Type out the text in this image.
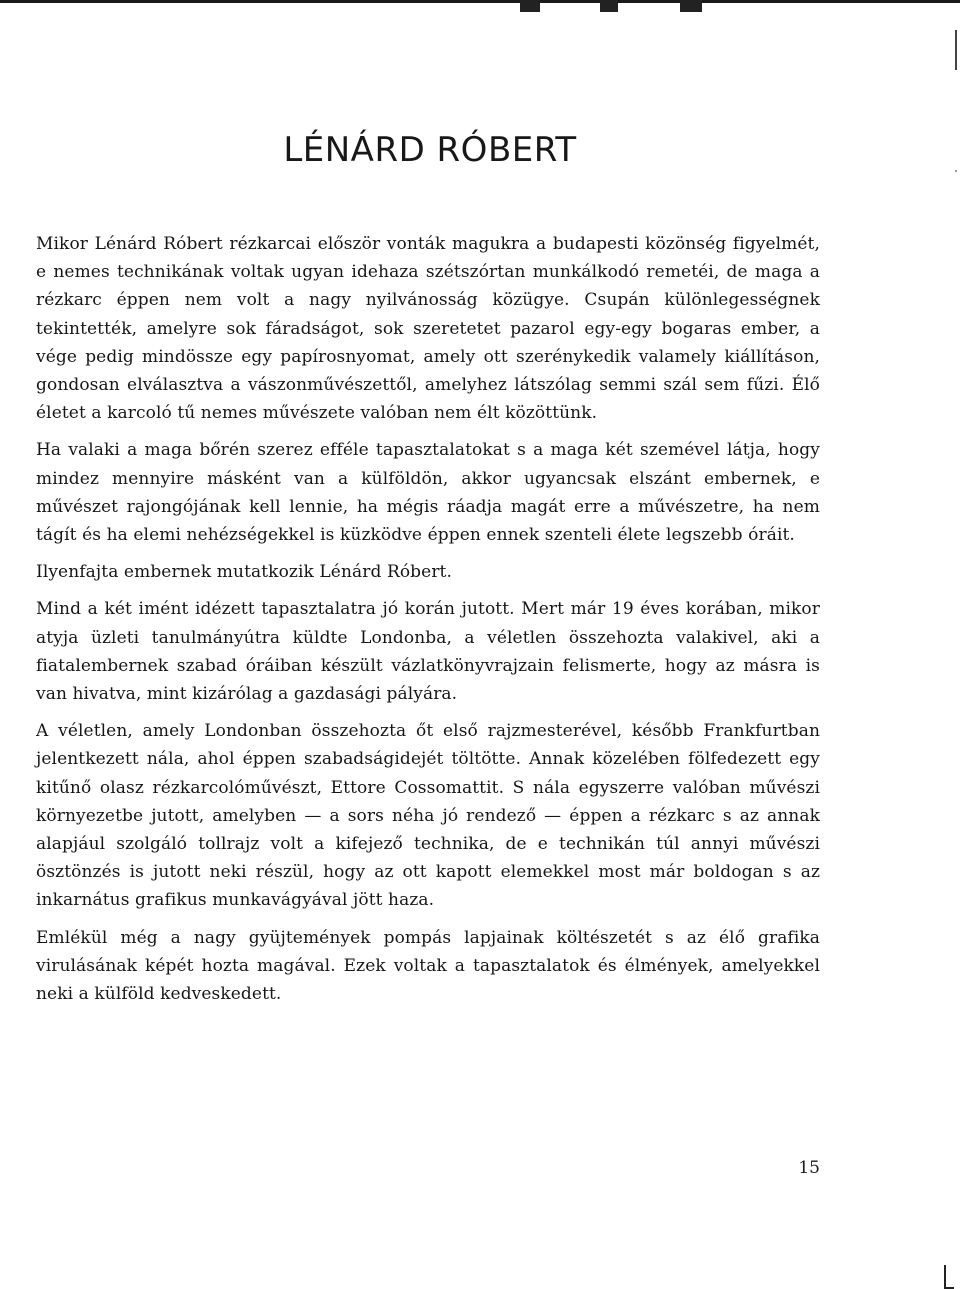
LÉNÁRD RÓBERT

Mikor Lénárd Róbert rézkarcai először vonták magukra a budapesti közönség figyelmét, e nemes technikának voltak ugyan idehaza szétszórtan munkálkodó remetéi, de maga a rézkarc éppen nem volt a nagy nyilvánosság közügye. Csupán különlegességnek tekintették, amelyre sok fáradságot, sok szeretetet pazarol egy-egy bogaras ember, a vége pedig mindössze egy papírosnyomat, amely ott szerénykedik valamely kiállításon, gondosan elválasztva a vászonművészettől, amelyhez látszólag semmi szál sem fűzi. Élő életet a karcoló tű nemes művészete valóban nem élt közöttünk.

Ha valaki a maga bőrén szerez efféle tapasztalatokat s a maga két szemével látja, hogy mindez mennyire másként van a külföldön, akkor ugyancsak elszánt embernek, e művészet rajongójának kell lennie, ha mégis ráadja magát erre a művészetre, ha nem tágít és ha elemi nehézségekkel is küzködve éppen ennek szenteli élete legszebb óráit.

Ilyenfajta embernek mutatkozik Lénárd Róbert.

Mind a két imént idézett tapasztalatra jó korán jutott. Mert már 19 éves korában, mikor atyja üzleti tanulmányútra küldte Londonba, a véletlen összehozta valakivel, aki a fiatalembernek szabad óráiban készült vázlatkönyvrajzain felismerte, hogy az másra is van hivatva, mint kizárólag a gazdasági pályára.

A véletlen, amely Londonban összehozta őt első rajzmesterével, később Frankfurtban jelentkezett nála, ahol éppen szabadságidejét töltötte. Annak közelében fölfedezett egy kitűnő olasz rézkarcolóművészt, Ettore Cossomattit. S nála egyszerre valóban művészi környezetbe jutott, amelyben — a sors néha jó rendező — éppen a rézkarc s az annak alapjául szolgáló tollrajz volt a kifejező technika, de e technikán túl annyi művészi ösztönzés is jutott neki részül, hogy az ott kapott elemekkel most már boldogan s az inkarnátus grafikus munkavágyával jött haza.

Emlékül még a nagy gyüjtemények pompás lapjainak költészetét s az élő grafika virulásának képét hozta magával. Ezek voltak a tapasztalatok és élmények, amelyekkel neki a külföld kedveskedett.

15
